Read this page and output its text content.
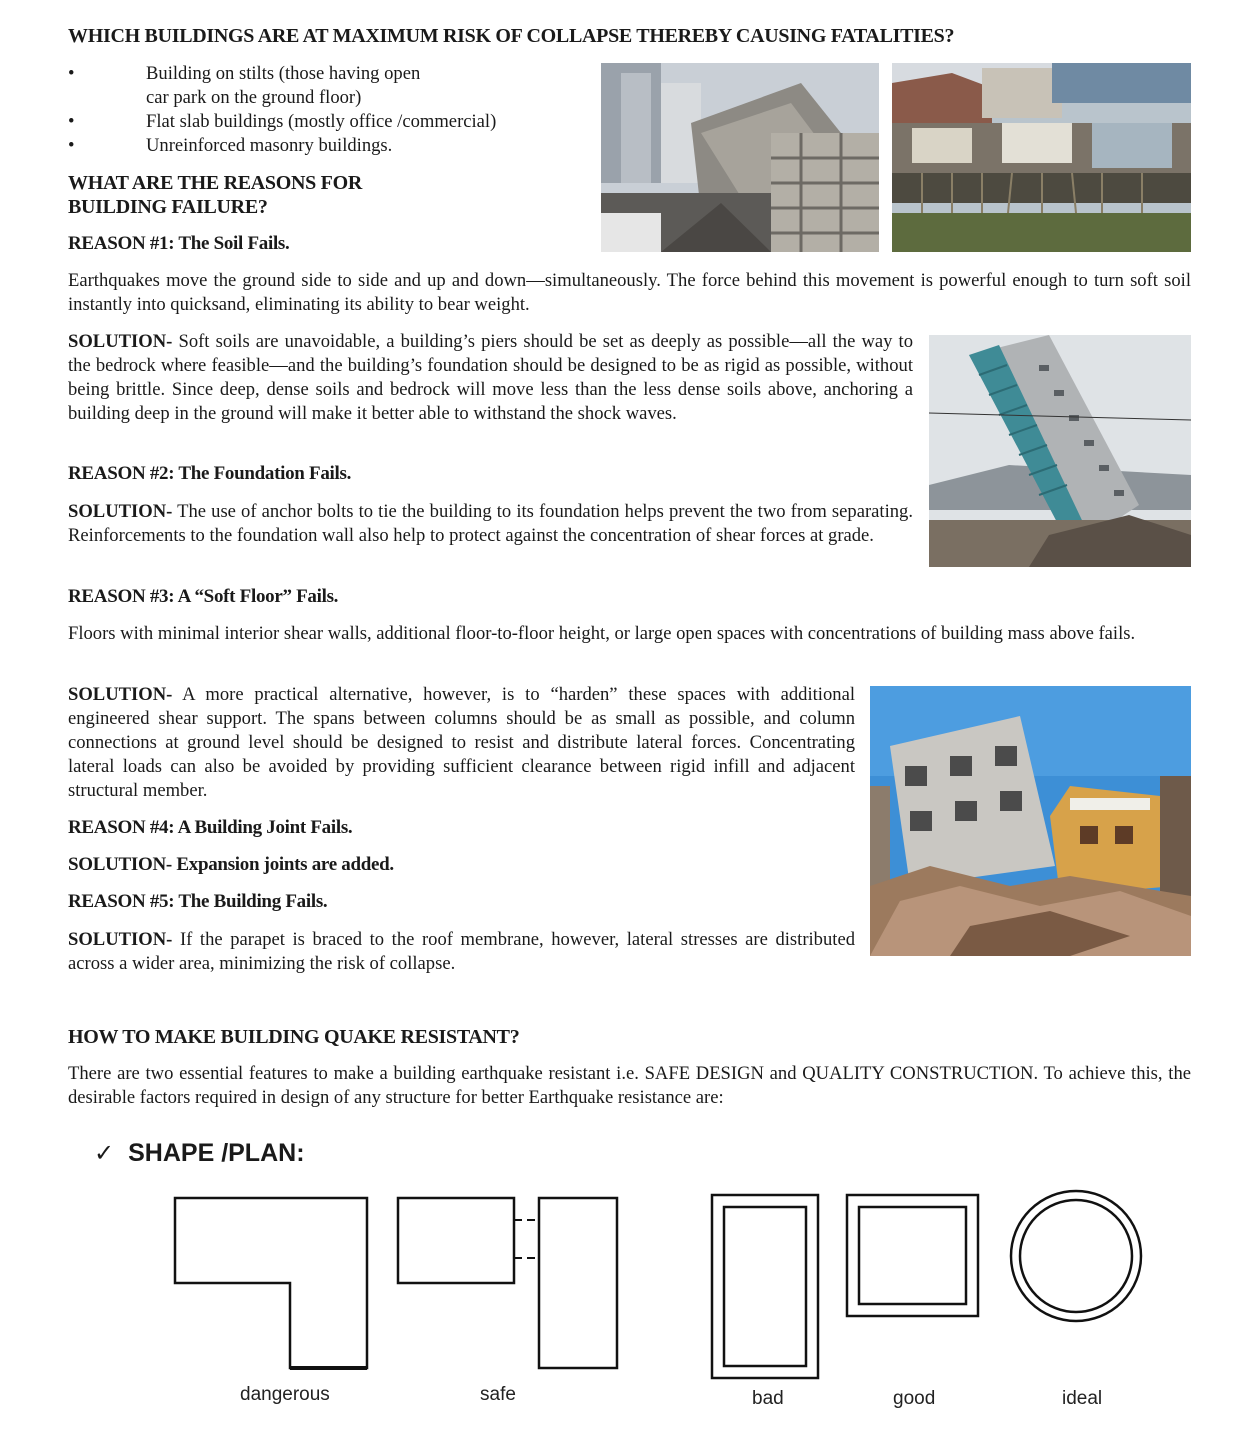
WHICH BUILDINGS ARE AT MAXIMUM RISK OF COLLAPSE THEREBY CAUSING FATALITIES?
•	Building on stilts (those having open
car park on the ground floor)
•	Flat slab buildings (mostly office /commercial)
•	Unreinforced masonry buildings.
WHAT ARE THE REASONS FOR
BUILDING FAILURE?
REASON #1: The Soil Fails.
Earthquakes move the ground side to side and up and down—simultaneously. The force behind this movement is powerful enough to turn soft soil instantly into quicksand, eliminating its ability to bear weight.
SOLUTION- Soft soils are unavoidable, a building’s piers should be set as deeply as possible—all the way to the bedrock where feasible—and the building’s foundation should be designed to be as rigid as possible, without being brittle. Since deep, dense soils and bedrock will move less than the less dense soils above, anchoring a building deep in the ground will make it better able to withstand the shock waves.
REASON #2: The Foundation Fails.
SOLUTION- The use of anchor bolts to tie the building to its foundation helps prevent the two from separating. Reinforcements to the foundation wall also help to protect against the concentration of shear forces at grade.
REASON #3: A “Soft Floor” Fails.
Floors with minimal interior shear walls, additional floor-to-floor height, or large open spaces with concentrations of building mass above fails.
SOLUTION- A more practical alternative, however, is to “harden” these spaces with additional engineered shear support. The spans between columns should be as small as possible, and column connections at ground level should be designed to resist and distribute lateral forces. Concentrating lateral loads can also be avoided by providing sufficient clearance between rigid infill and adjacent structural member.
REASON #4: A Building Joint Fails.
SOLUTION- Expansion joints are added.
REASON #5: The Building Fails.
SOLUTION- If the parapet is braced to the roof membrane, however, lateral stresses are distributed across a wider area, minimizing the risk of collapse.
HOW TO MAKE BUILDING QUAKE RESISTANT?
There are two essential features to make a building earthquake resistant i.e. SAFE DESIGN and QUALITY CONSTRUCTION. To achieve this, the desirable factors required in design of any structure for better Earthquake resistance are:
✓ SHAPE /PLAN:
dangerous	safe	bad	good	ideal
